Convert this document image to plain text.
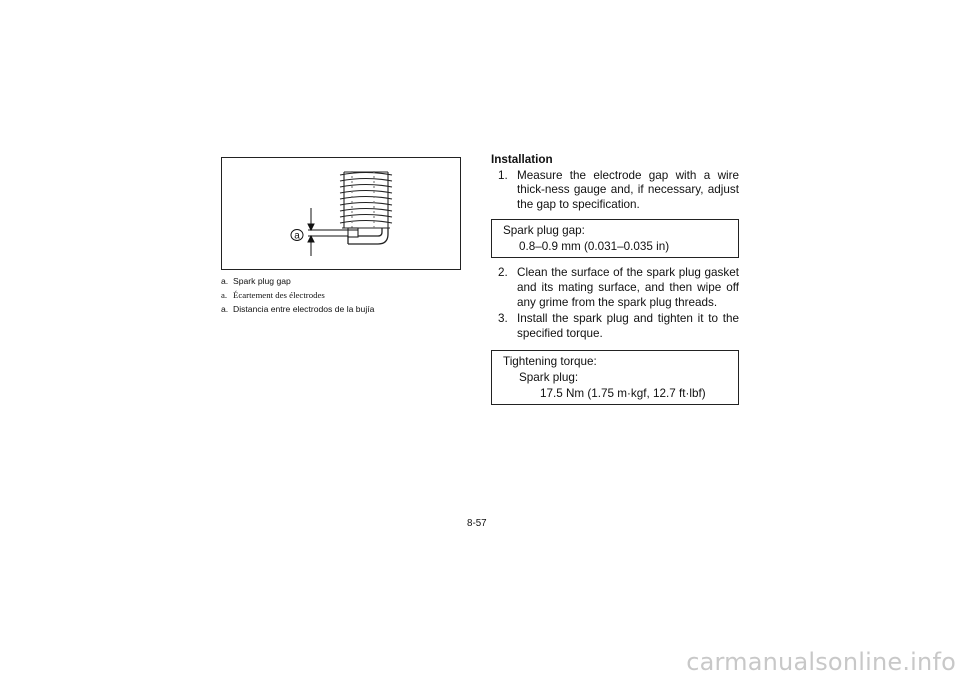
a
a. Spark plug gap
a. Écartement des électrodes
a. Distancia entre electrodos de la bujía
Installation

1. Measure the electrode gap with a wire thick-ness gauge and, if necessary, adjust the gap to specification.

Spark plug gap:
0.8–0.9 mm (0.031–0.035 in)

2. Clean the surface of the spark plug gasket and its mating surface, and then wipe off any grime from the spark plug threads.

3. Install the spark plug and tighten it to the specified torque.

Tightening torque:
Spark plug:
17.5 Nm (1.75 m·kgf, 12.7 ft·lbf)
8-57
carmanualsonline.info
